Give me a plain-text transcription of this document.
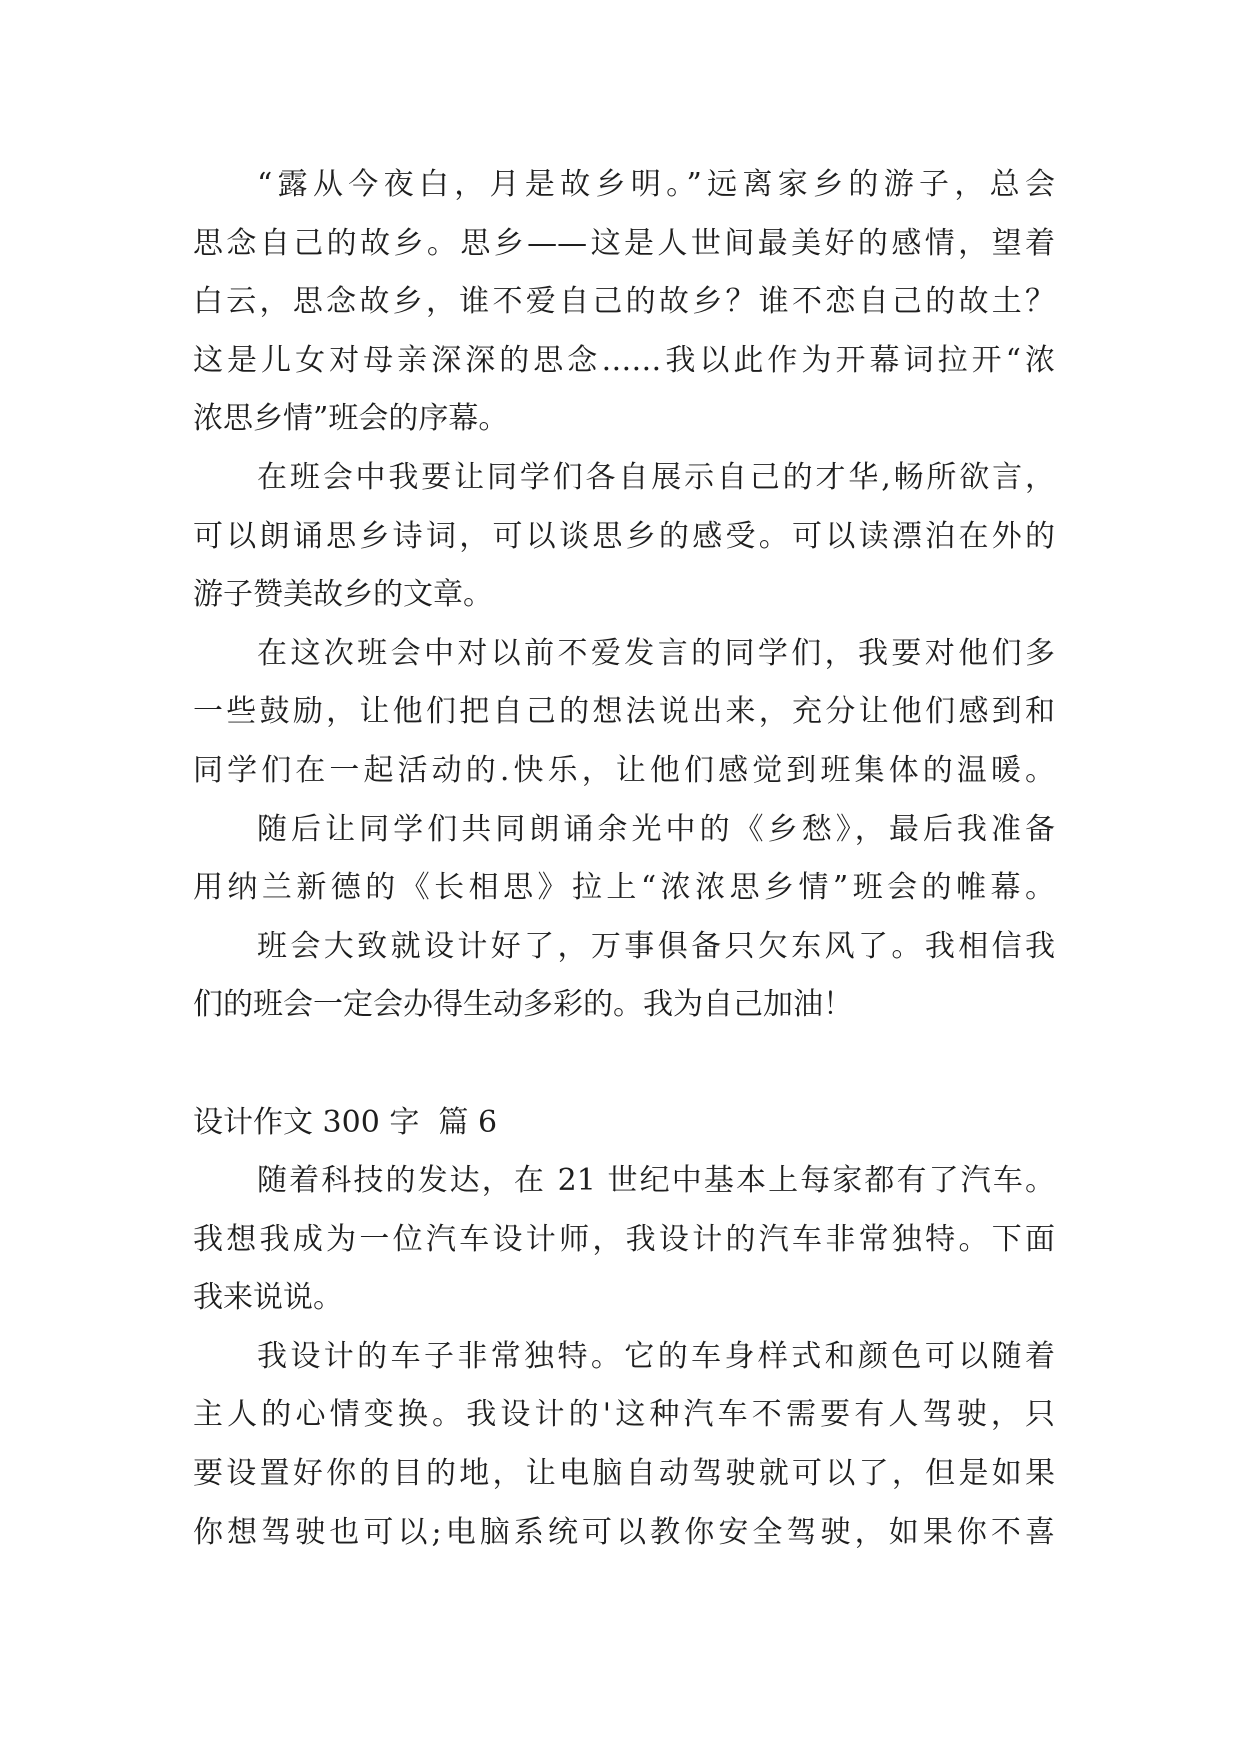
“露从今夜白，月是故乡明。”远离家乡的游子，总会
思念自己的故乡。思乡——这是人世间最美好的感情，望着
白云，思念故乡，谁不爱自己的故乡？谁不恋自己的故土？
这是儿女对母亲深深的思念……我以此作为开幕词拉开“浓
浓思乡情”班会的序幕。
在班会中我要让同学们各自展示自己的才华,畅所欲言，
可以朗诵思乡诗词，可以谈思乡的感受。可以读漂泊在外的
游子赞美故乡的文章。
在这次班会中对以前不爱发言的同学们，我要对他们多
一些鼓励，让他们把自己的想法说出来，充分让他们感到和
同学们在一起活动的.快乐，让他们感觉到班集体的温暖。
随后让同学们共同朗诵余光中的《乡愁》，最后我准备
用纳兰新德的《长相思》拉上“浓浓思乡情”班会的帷幕。
班会大致就设计好了，万事俱备只欠东风了。我相信我
们的班会一定会办得生动多彩的。我为自己加油！
设计作文 300 字  篇 6
随着科技的发达，在 21 世纪中基本上每家都有了汽车。
我想我成为一位汽车设计师，我设计的汽车非常独特。下面
我来说说。
我设计的车子非常独特。它的车身样式和颜色可以随着
主人的心情变换。我设计的'这种汽车不需要有人驾驶，只
要设置好你的目的地，让电脑自动驾驶就可以了，但是如果
你想驾驶也可以;电脑系统可以教你安全驾驶，如果你不喜
